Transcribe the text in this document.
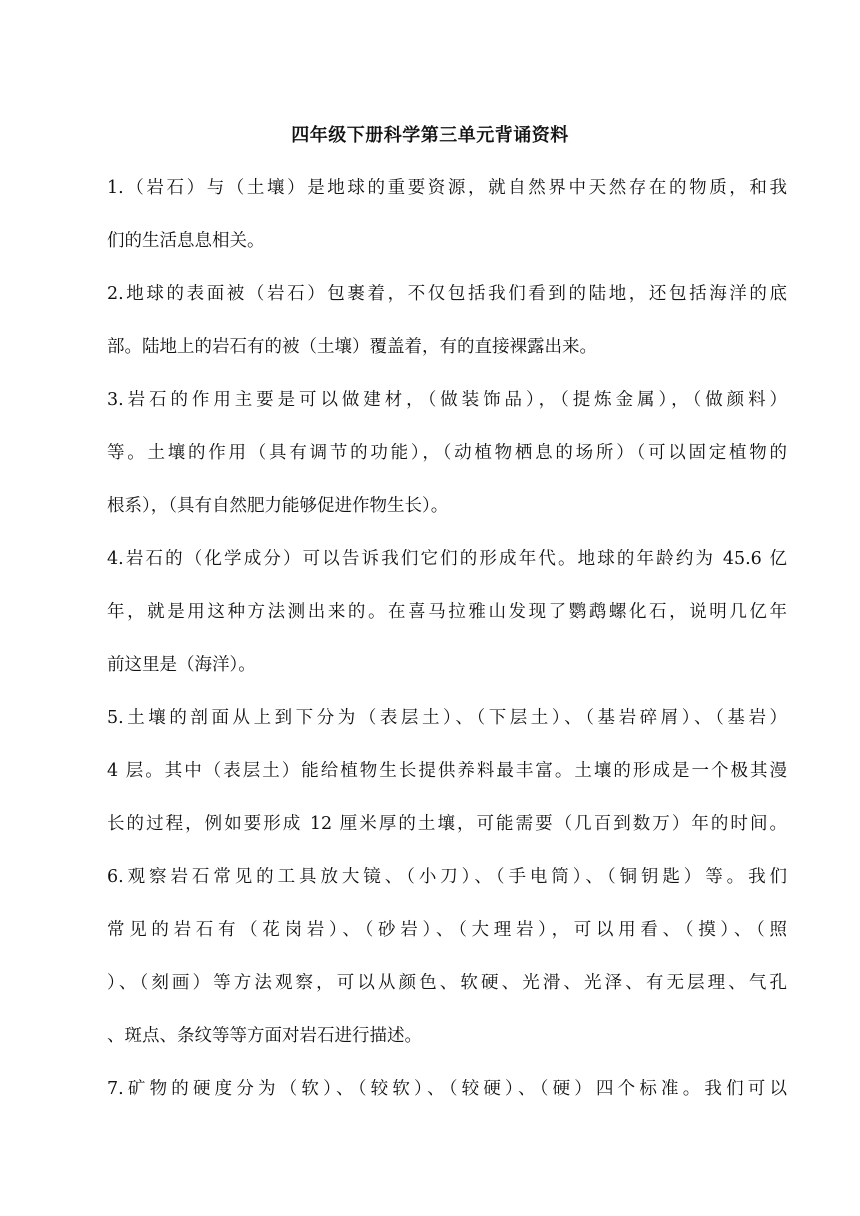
四年级下册科学第三单元背诵资料
1.（岩石）与（土壤）是地球的重要资源，就自然界中天然存在的物质，和我
们的生活息息相关。
2.地球的表面被（岩石）包裹着，不仅包括我们看到的陆地，还包括海洋的底
部。陆地上的岩石有的被（土壤）覆盖着，有的直接裸露出来。
3.岩石的作用主要是可以做建材，（做装饰品），（提炼金属），（做颜料）
等。土壤的作用（具有调节的功能），（动植物栖息的场所）（可以固定植物的
根系），（具有自然肥力能够促进作物生长）。
4.岩石的（化学成分）可以告诉我们它们的形成年代。地球的年龄约为 45.6 亿
年，就是用这种方法测出来的。在喜马拉雅山发现了鹦鹉螺化石，说明几亿年
前这里是（海洋）。
5.土壤的剖面从上到下分为（表层土）、（下层土）、（基岩碎屑）、（基岩）
4 层。其中（表层土）能给植物生长提供养料最丰富。土壤的形成是一个极其漫
长的过程，例如要形成 12 厘米厚的土壤，可能需要（几百到数万）年的时间。
6.观察岩石常见的工具放大镜、（小刀）、（手电筒）、（铜钥匙）等。我们
常见的岩石有（花岗岩）、（砂岩）、（大理岩），可以用看、（摸）、（照
）、（刻画）等方法观察，可以从颜色、软硬、光滑、光泽、有无层理、气孔
、斑点、条纹等等方面对岩石进行描述。
7.矿物的硬度分为（软）、（较软）、（较硬）、（硬）四个标准。我们可以
